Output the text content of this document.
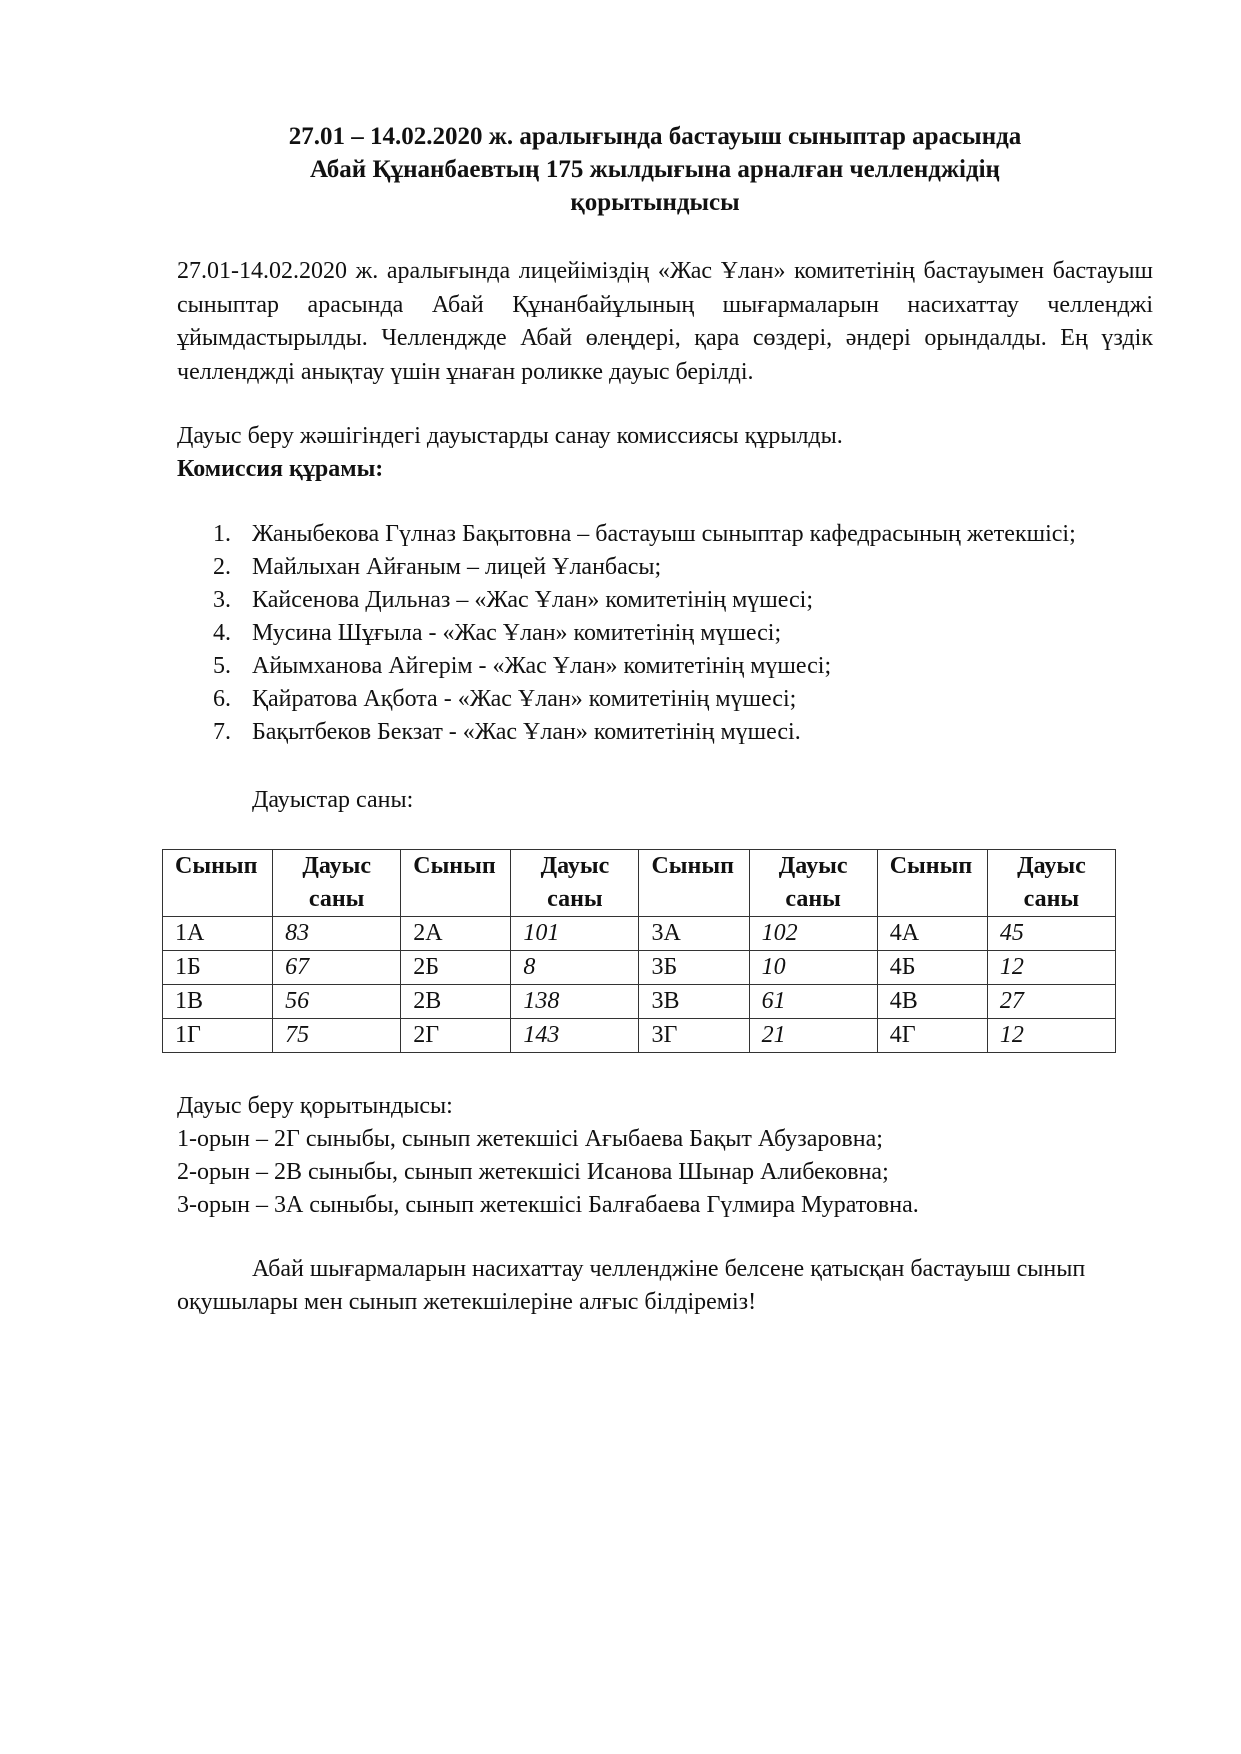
27.01 – 14.02.2020 ж. аралығында бастауыш сыныптар арасында
Абай Құнанбаевтың 175 жылдығына арналған челленджідің
қорытындысы

27.01-14.02.2020 ж. аралығында лицейіміздің «Жас Ұлан» комитетінің бастауымен бастауыш сыныптар арасында Абай Құнанбайұлының шығармаларын насихаттау челленджі ұйымдастырылды. Челленджде Абай өлеңдері, қара сөздері, әндері орындалды. Ең үздік челленджді анықтау үшін ұнаған роликке дауыс берілді.

Дауыс беру жәшігіндегі дауыстарды санау комиссиясы құрылды.
Комиссия құрамы:
1. Жаныбекова Гүлназ Бақытовна – бастауыш сыныптар кафедрасының жетекшісі;
2. Майлыхан Айғаным – лицей Ұланбасы;
3. Кайсенова Дильназ – «Жас Ұлан» комитетінің мүшесі;
4. Мусина Шұғыла - «Жас Ұлан» комитетінің мүшесі;
5. Айымханова Айгерім - «Жас Ұлан» комитетінің мүшесі;
6. Қайратова Ақбота - «Жас Ұлан» комитетінің мүшесі;
7. Бақытбеков Бекзат - «Жас Ұлан» комитетінің мүшесі.
Дауыстар саны:
Сынып	Дауыс саны	Сынып	Дауыс саны	Сынып	Дауыс саны	Сынып	Дауыс саны
1А	83	2А	101	3А	102	4А	45
1Б	67	2Б	8	3Б	10	4Б	12
1В	56	2В	138	3В	61	4В	27
1Г	75	2Г	143	3Г	21	4Г	12
Дауыс беру қорытындысы:
1-орын – 2Г сыныбы, сынып жетекшісі Ағыбаева Бақыт Абузаровна;
2-орын – 2В сыныбы, сынып жетекшісі Исанова Шынар Алибековна;
3-орын – 3А сыныбы, сынып жетекшісі Балғабаева Гүлмира Муратовна.

Абай шығармаларын насихаттау челленджіне белсене қатысқан бастауыш сынып оқушылары мен сынып жетекшілеріне алғыс білдіреміз!
